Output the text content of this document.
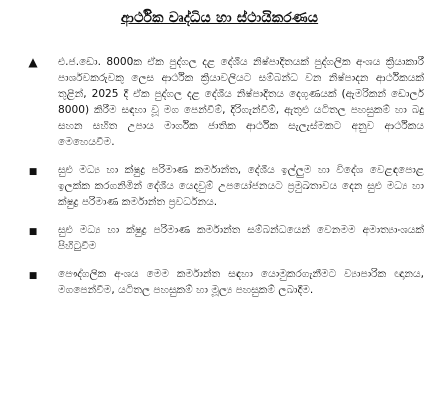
ආර්ථික වෘද්ධිය හා ස්ථායිකරණය
▲ එ.ජ.ඩො. 8000ක ඒක පුද්ගල දළ දේශීය නිෂ්පාදිතයක් පුද්ගලික අංශය ක්‍රියාකාරී පාර්ශවකරුවකු ලෙස ආර්ථික ක්‍රියාවලියට සම්බන්ධ වන නිෂ්පාදන ආර්ථිකයක් තුළින්, 2025 දී ඒක පුද්ගල දළ දේශීය නිෂ්පාදිතය දෙගුණයක් (ඇමරිකන් ඩොලර් 8000) කිරීම සඳහා වූ මග පෙන්වීම්, දිරිගැන්වීම්, ඇතුළු යටිතල පහසුකම් හා බදු සහන සහිත උපාය මාර්ගික ජාතික ආර්ථික සැලැස්මකට අනුව ආර්ථිකය මෙහෙයවීම.
■ සුළු මධ්‍ය හා ක්ෂුද්‍ර පරිමාණ කර්මාන්ත, දේශීය ඉල්ලුම හා විදේශ වෙළඳපොළ ඉලක්ක කරගනිමින් දේශීය යෙදවුම් උපයෝජනයට ප්‍රමුඛතාවය දෙන සුළු මධ්‍ය හා ක්ෂුද්‍ර පරිමාණ කර්මාන්ත ප්‍රවර්ධනය.
■ සුළු මධ්‍ය හා ක්ෂුද්‍ර පරිමාණ කර්මාන්ත සම්බන්ධයෙන් වෙනමම අමාත්‍යාංශයක් පිහිටුවීම
■ පෞද්ගලික අංශය මෙම කර්මාන්ත සඳහා යොමුකරගැනීමට ව්‍යාපාරික ඥානය, මගපෙන්වීම, යටිතල පහසුකම් හා මූල්‍ය පහසුකම් ලබාදීම.
